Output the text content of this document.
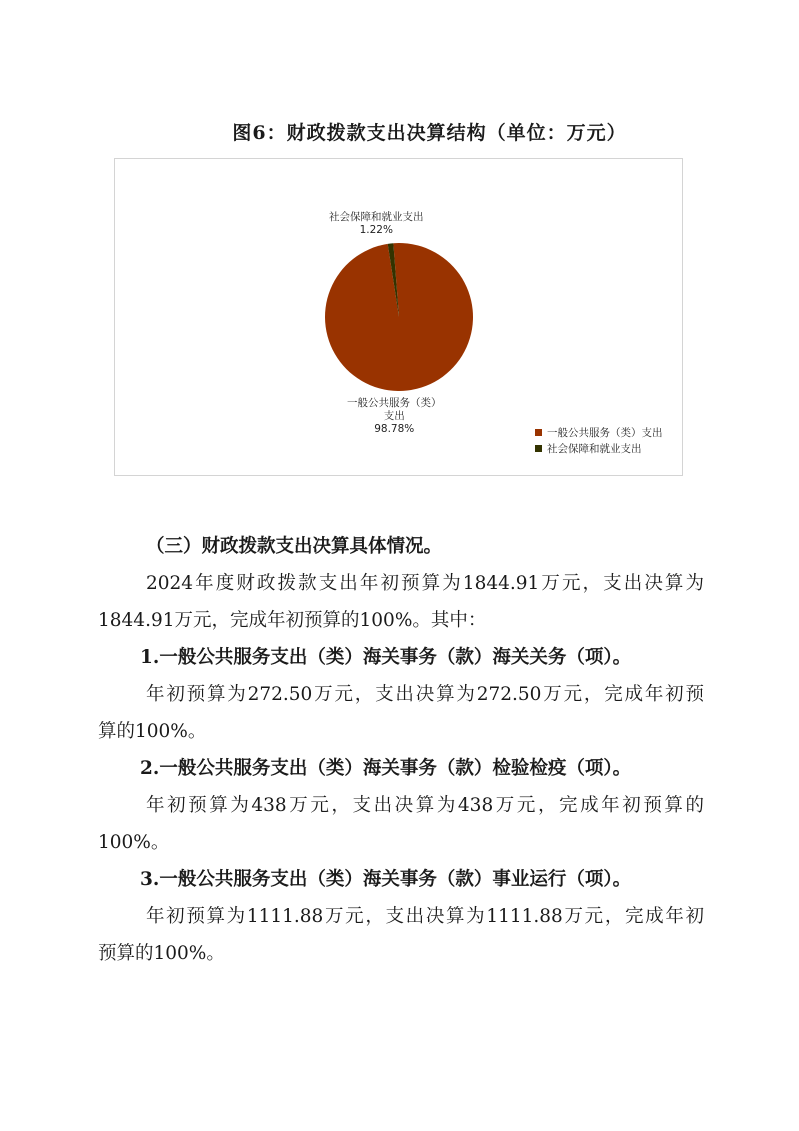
图6：财政拨款支出决算结构（单位：万元）
社会保障和就业支出
1.22%
一般公共服务（类）
支出
98.78%	一般公共服务（类）支出
社会保障和就业支出
（三）财政拨款支出决算具体情况。
2024年度财政拨款支出年初预算为1844.91万元，支出决算为
1844.91万元，完成年初预算的100%。其中：
1.一般公共服务支出（类）海关事务（款）海关关务（项）。
年初预算为272.50万元，支出决算为272.50万元，完成年初预
算的100%。
2.一般公共服务支出（类）海关事务（款）检验检疫（项）。
年初预算为438万元，支出决算为438万元，完成年初预算的
100%。
3.一般公共服务支出（类）海关事务（款）事业运行（项）。
年初预算为1111.88万元，支出决算为1111.88万元，完成年初
预算的100%。
